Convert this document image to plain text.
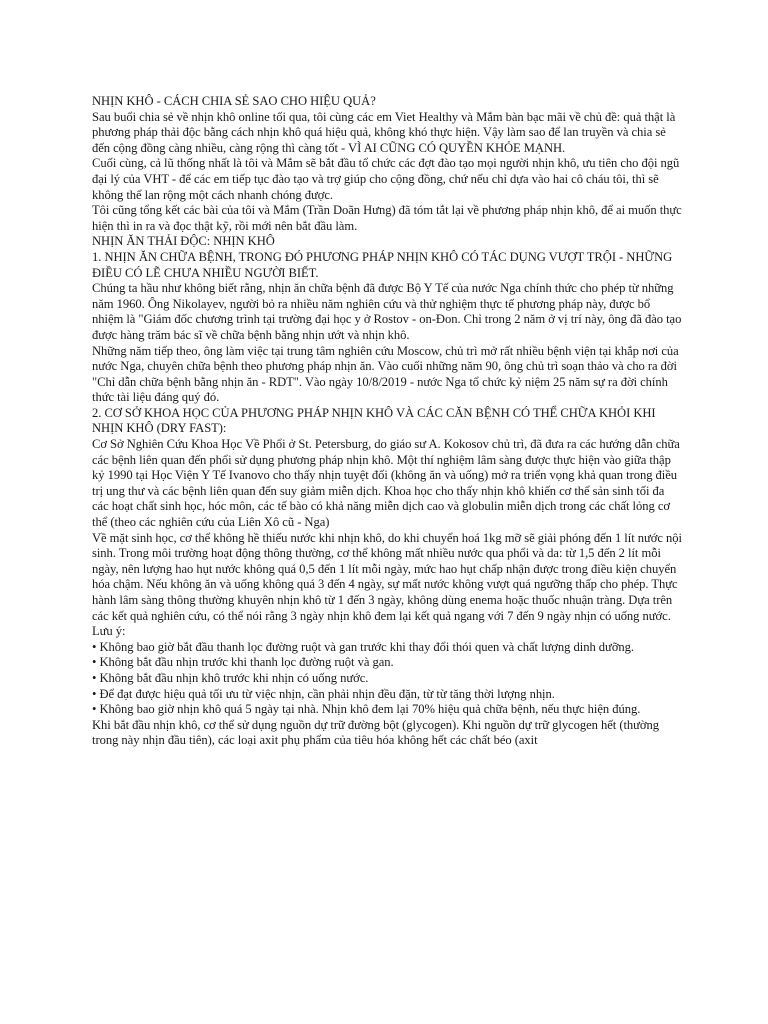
NHỊN KHÔ - CÁCH CHIA SẺ SAO CHO HIỆU QUẢ?

Sau buổi chia sẻ về nhịn khô online tối qua, tôi cùng các em Viet Healthy và Mắm bàn bạc mãi về chủ đề: quả thật là phương pháp thải độc bằng cách nhịn khô quá hiệu quả, không khó thực hiện. Vậy làm sao để lan truyền và chia sẻ đến cộng đồng càng nhiều, càng rộng thì càng tốt - VÌ AI CŨNG CÓ QUYỀN KHỎE MẠNH.

Cuối cùng, cả lũ thống nhất là tôi và Mắm sẽ bắt đầu tổ chức các đợt đào tạo mọi người nhịn khô, ưu tiên cho đội ngũ đại lý của VHT - để các em tiếp tục đào tạo và trợ giúp cho cộng đồng, chứ nếu chỉ dựa vào hai cô cháu tôi, thì sẽ không thể lan rộng một cách nhanh chóng được.

Tôi cũng tổng kết các bài của tôi và Mắm (Trần Doãn Hưng) đã tóm tắt lại về phương pháp nhịn khô, để ai muốn thực hiện thì in ra và đọc thật kỹ, rồi mới nên bắt đầu làm.

NHỊN ĂN THẢI ĐỘC: NHỊN KHÔ

1. NHỊN ĂN CHỮA BỆNH, TRONG ĐÓ PHƯƠNG PHÁP NHỊN KHÔ CÓ TÁC DỤNG VƯỢT TRỘI - NHỮNG ĐIỀU CÓ LẼ CHƯA NHIỀU NGƯỜI BIẾT.

Chúng ta hầu như không biết rằng, nhịn ăn chữa bệnh đã được Bộ Y Tế của nước Nga chính thức cho phép từ những năm 1960. Ông Nikolayev, người bỏ ra nhiều năm nghiên cứu và thử nghiệm thực tế phương pháp này, được bổ nhiệm là "Giám đốc chương trình tại trường đại học y ở Rostov - on-Đon. Chỉ trong 2 năm ở vị trí này, ông đã đào tạo được hàng trăm bác sĩ về chữa bệnh bằng nhịn ướt và nhịn khô.

Những năm tiếp theo, ông làm việc tại trung tâm nghiên cứu Moscow, chủ trì mở rất nhiều bệnh viện tại khắp nơi của nước Nga, chuyên chữa bệnh theo phương pháp nhịn ăn. Vào cuối những năm 90, ông chủ trì soạn thảo và cho ra đời "Chỉ dẫn chữa bệnh bằng nhịn ăn - RDT". Vào ngày 10/8/2019 - nước Nga tổ chức kỷ niệm 25 năm sự ra đời chính thức tài liệu đáng quý đó.

2. CƠ SỞ KHOA HỌC CỦA PHƯƠNG PHÁP NHỊN KHÔ VÀ CÁC CĂN BỆNH CÓ THỂ CHỮA KHỎI KHI NHỊN KHÔ (DRY FAST):

Cơ Sở Nghiên Cứu Khoa Học Về Phổi ở St. Petersburg, do giáo sư A. Kokosov chủ trì, đã đưa ra các hướng dẫn chữa các bệnh liên quan đến phổi sử dụng phương pháp nhịn khô. Một thí nghiệm lâm sàng được thực hiện vào giữa thập kỷ 1990 tại Học Viện Y Tế Ivanovo cho thấy nhịn tuyệt đối (không ăn và uống) mở ra triển vọng khả quan trong điều trị ung thư và các bệnh liên quan đến suy giảm miễn dịch. Khoa học cho thấy nhịn khô khiến cơ thể sản sinh tối đa các hoạt chất sinh học, hóc môn, các tế bào có khả năng miễn dịch cao và globulin miễn dịch trong các chất lỏng cơ thể (theo các nghiên cứu của Liên Xô cũ - Nga)

Về mặt sinh học, cơ thể không hề thiếu nước khi nhịn khô, do khi chuyển hoá 1kg mỡ sẽ giải phóng đến 1 lít nước nội sinh. Trong môi trường hoạt động thông thường, cơ thể không mất nhiều nước qua phổi và da: từ 1,5 đến 2 lít mỗi ngày, nên lượng hao hụt nước không quá 0,5 đến 1 lít mỗi ngày, mức hao hụt chấp nhận được trong điều kiện chuyển hóa chậm. Nếu không ăn và uống không quá 3 đến 4 ngày, sự mất nước không vượt quá ngưỡng thấp cho phép. Thực hành lâm sàng thông thường khuyên nhịn khô từ 1 đến 3 ngày, không dùng enema hoặc thuốc nhuận tràng. Dựa trên các kết quả nghiên cứu, có thể nói rằng 3 ngày nhịn khô đem lại kết quả ngang với 7 đến 9 ngày nhịn có uống nước.

Lưu ý:

• Không bao giờ bắt đầu thanh lọc đường ruột và gan trước khi thay đổi thói quen và chất lượng dinh dưỡng.

• Không bắt đầu nhịn trước khi thanh lọc đường ruột và gan.

• Không bắt đầu nhịn khô trước khi nhịn có uống nước.

• Để đạt được hiệu quả tối ưu từ việc nhịn, cần phải nhịn đều đặn, từ từ tăng thời lượng nhịn.

• Không bao giờ nhịn khô quá 5 ngày tại nhà. Nhịn khô đem lại 70% hiệu quả chữa bệnh, nếu thực hiện đúng.

Khi bắt đầu nhịn khô, cơ thể sử dụng nguồn dự trữ đường bột (glycogen). Khi nguồn dự trữ glycogen hết (thường trong này nhịn đầu tiên), các loại axit phụ phẩm của tiêu hóa không hết các chất béo (axit
